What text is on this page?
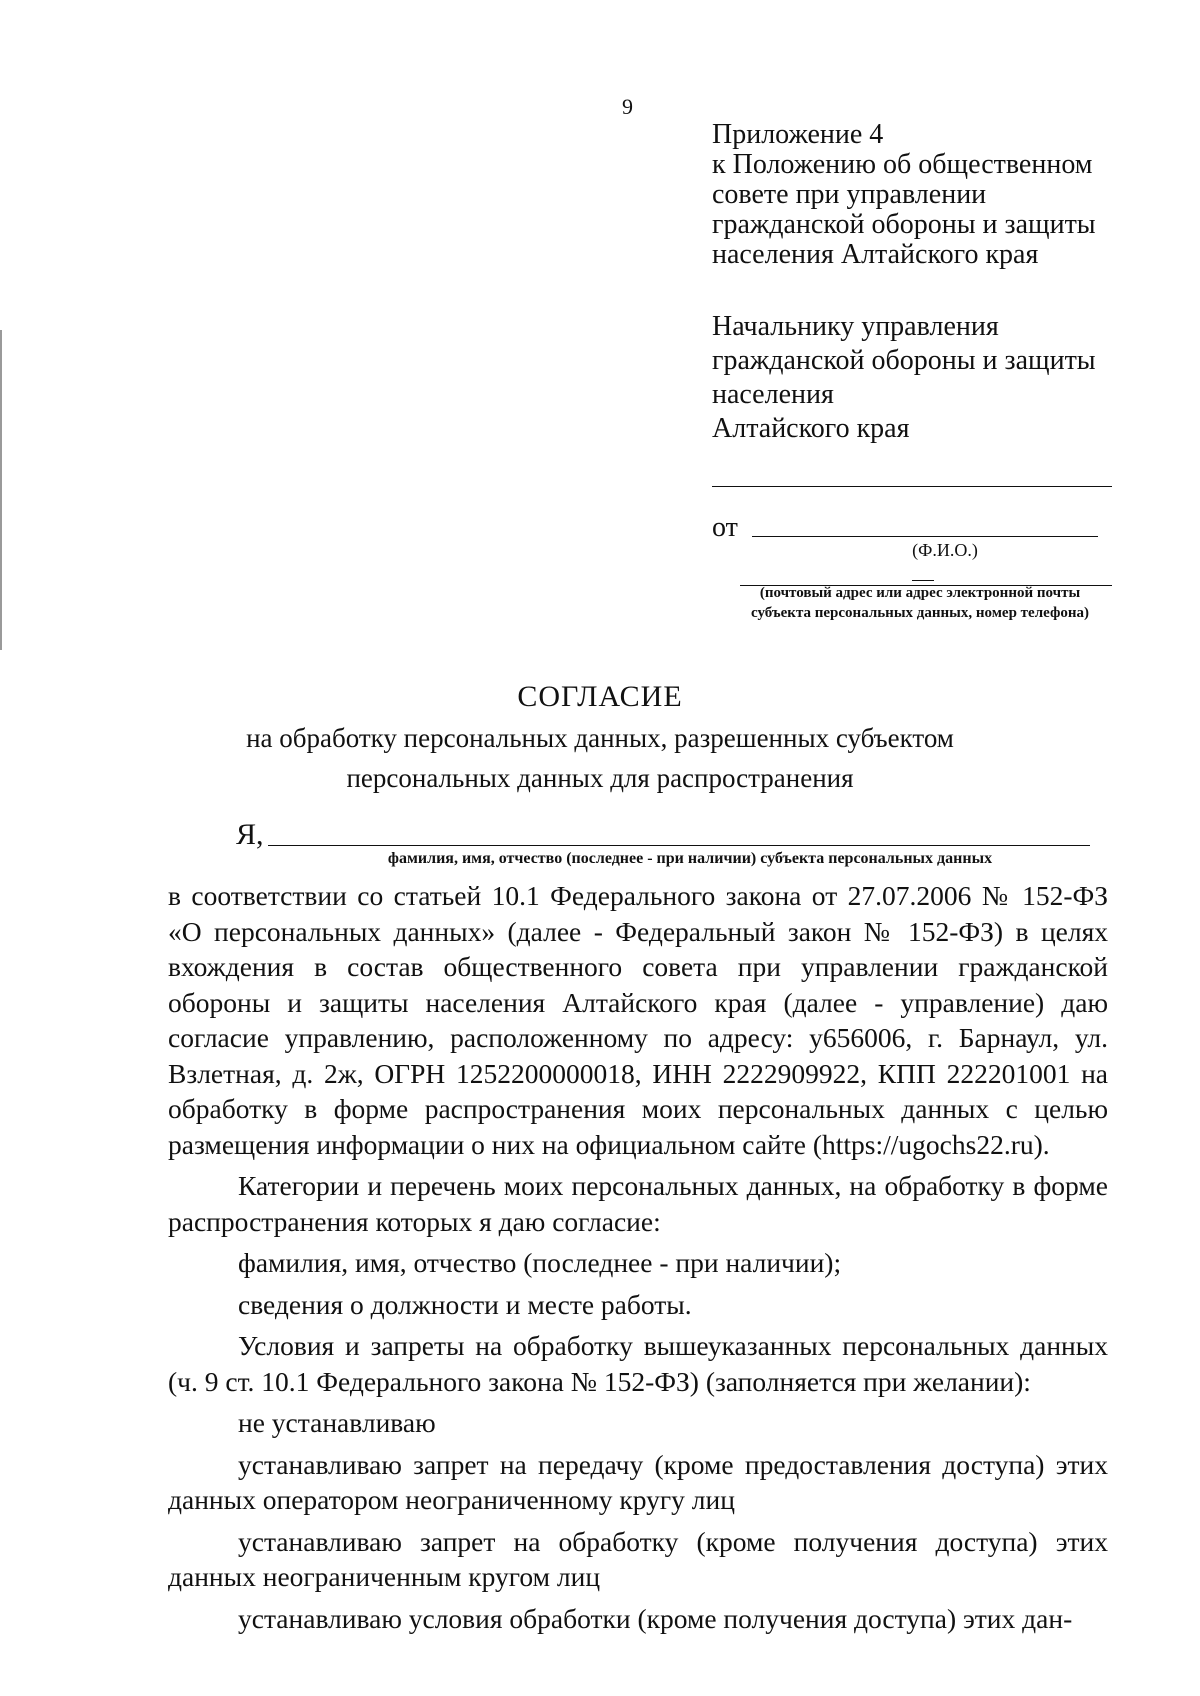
9
Приложение 4
к Положению об общественном совете при управлении гражданской обороны и защиты населения Алтайского края
Начальнику управления гражданской обороны и защиты населения
Алтайского края
от
(Ф.И.О.)
(почтовый адрес или адрес электронной почты субъекта персональных данных, номер телефона)
СОГЛАСИЕ
на обработку персональных данных, разрешенных субъектом персональных данных для распространения
Я,
фамилия, имя, отчество (последнее - при наличии) субъекта персональных данных

в соответствии со статьей 10.1 Федерального закона от 27.07.2006 № 152-ФЗ «О персональных данных» (далее - Федеральный закон № 152-ФЗ) в целях вхождения в состав общественного совета при управлении гражданской обороны и защиты населения Алтайского края (далее - управление) даю согласие управлению, расположенному по адресу: у656006, г. Барнаул, ул. Взлетная, д. 2ж, ОГРН 1252200000018, ИНН 2222909922, КПП 222201001 на обработку в форме распространения моих персональных данных с целью размещения информации о них на официальном сайте (https://ugochs22.ru).

Категории и перечень моих персональных данных, на обработку в форме распространения которых я даю согласие:

фамилия, имя, отчество (последнее - при наличии);

сведения о должности и месте работы.

Условия и запреты на обработку вышеуказанных персональных данных (ч. 9 ст. 10.1 Федерального закона № 152-ФЗ) (заполняется при желании):

не устанавливаю

устанавливаю запрет на передачу (кроме предоставления доступа) этих данных оператором неограниченному кругу лиц

устанавливаю запрет на обработку (кроме получения доступа) этих данных неограниченным кругом лиц

устанавливаю условия обработки (кроме получения доступа) этих дан-
